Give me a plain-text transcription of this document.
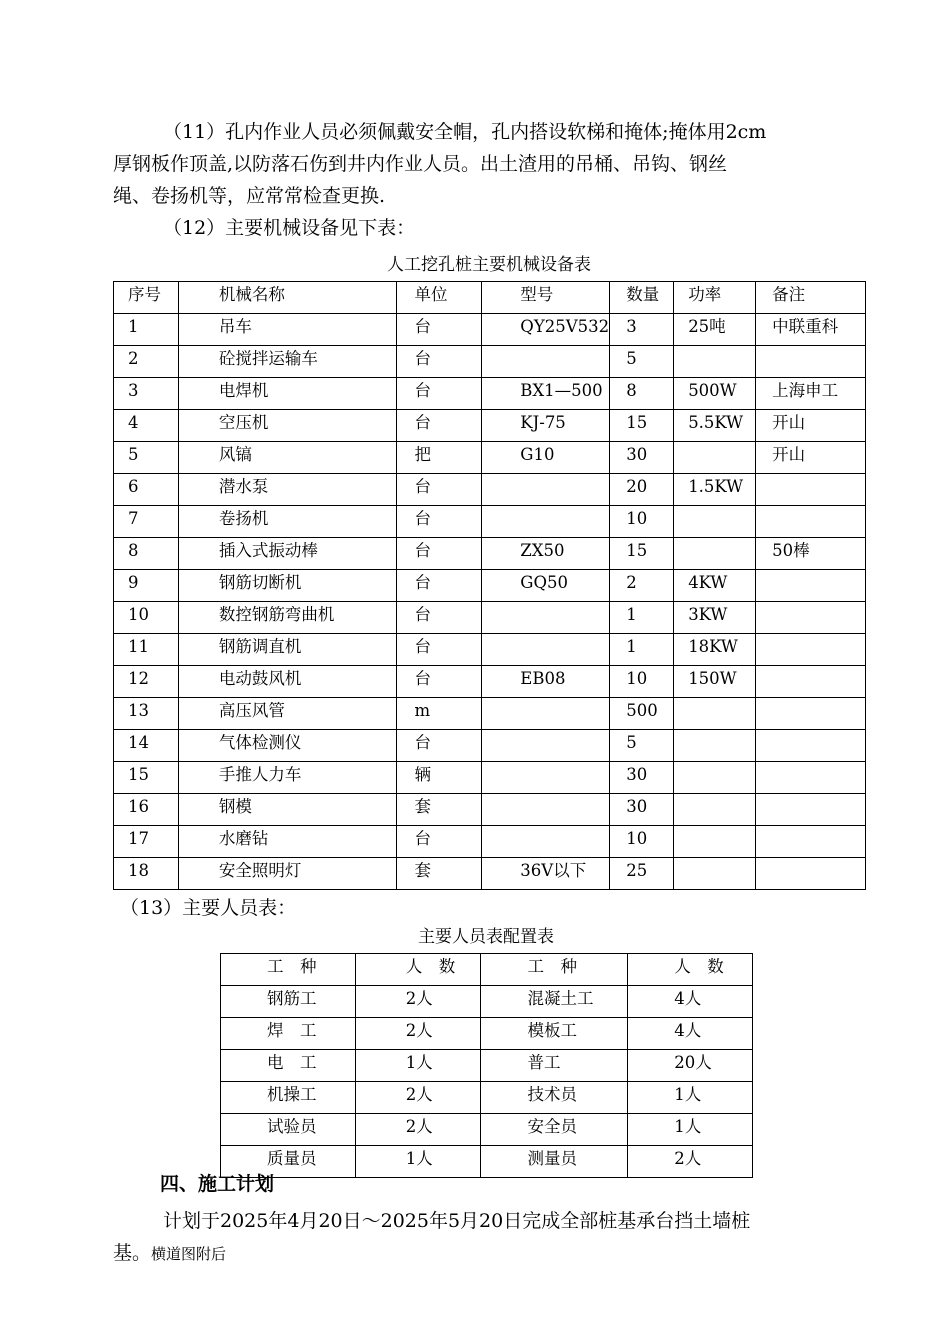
（11）孔内作业人员必须佩戴安全帽，孔内搭设软梯和掩体;掩体用2cm
厚钢板作顶盖,以防落石伤到井内作业人员。出土渣用的吊桶、吊钩、钢丝
绳、卷扬机等，应常常检查更换.

（12）主要机械设备见下表：

人工挖孔桩主要机械设备表
序号	机械名称	单位	型号	数量	功率	备注
1	吊车	台	QY25V532	3	25吨	中联重科
2	砼搅拌运输车	台		5		
3	电焊机	台	BX1—500	8	500W	上海申工
4	空压机	台	KJ-75	15	5.5KW	开山
5	风镐	把	G10	30		开山
6	潜水泵	台		20	1.5KW	
7	卷扬机	台		10		
8	插入式振动棒	台	ZX50	15		50棒
9	钢筋切断机	台	GQ50	2	4KW	
10	数控钢筋弯曲机	台		1	3KW	
11	钢筋调直机	台		1	18KW	
12	电动鼓风机	台	EB08	10	150W	
13	高压风管	m		500		
14	气体检测仪	台		5		
15	手推人力车	辆		30		
16	钢模	套		30		
17	水磨钻	台		10		
18	安全照明灯	套	36V以下	25		

（13）主要人员表：

主要人员表配置表
工　种	人　数	工　种	人　数
钢筋工	2人	混凝土工	4人
焊　工	2人	模板工	4人
电　工	1人	普工	20人
机操工	2人	技术员	1人
试验员	2人	安全员	1人
质量员	1人	测量员	2人
四、施工计划

计划于2025年4月20日～2025年5月20日完成全部桩基承台挡土墙桩
基。横道图附后
